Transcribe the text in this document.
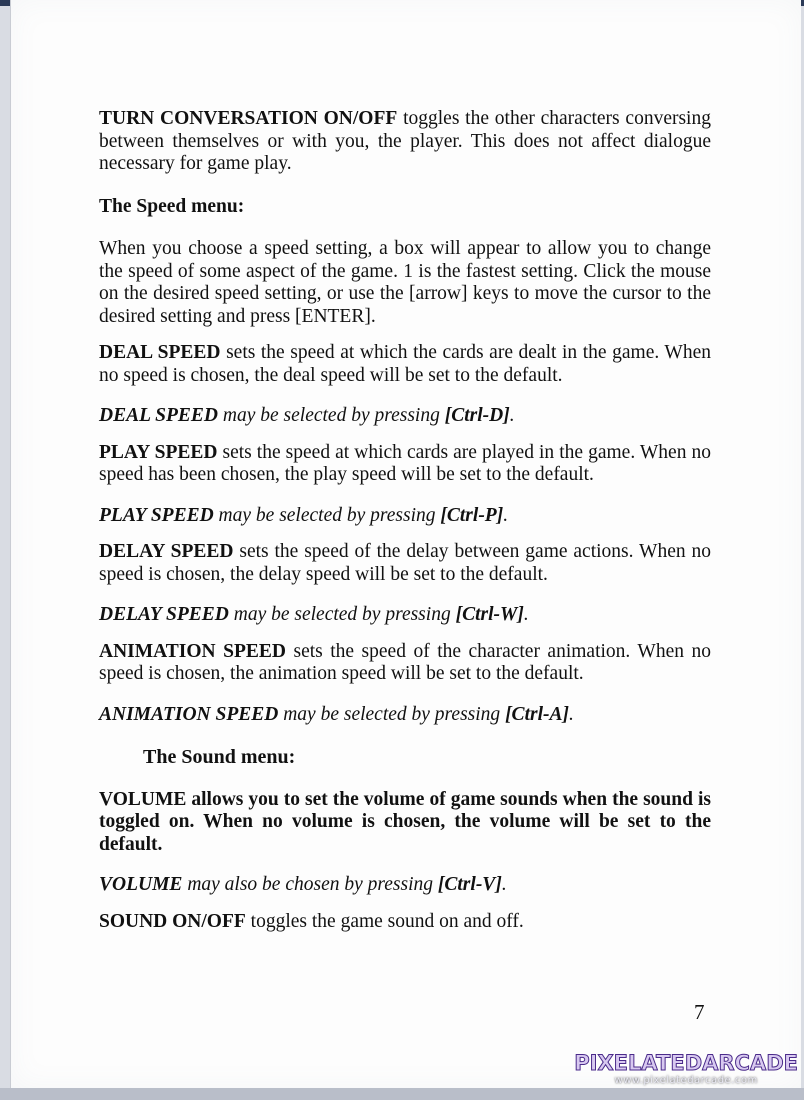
TURN CONVERSATION ON/OFF toggles the other characters conversing between themselves or with you, the player. This does not affect dialogue necessary for game play.

The Speed menu:

When you choose a speed setting, a box will appear to allow you to change the speed of some aspect of the game. 1 is the fastest setting. Click the mouse on the desired speed setting, or use the [arrow] keys to move the cursor to the desired setting and press [ENTER].

DEAL SPEED sets the speed at which the cards are dealt in the game. When no speed is chosen, the deal speed will be set to the default.

DEAL SPEED may be selected by pressing [Ctrl-D].

PLAY SPEED sets the speed at which cards are played in the game. When no speed has been chosen, the play speed will be set to the default.

PLAY SPEED may be selected by pressing [Ctrl-P].

DELAY SPEED sets the speed of the delay between game actions. When no speed is chosen, the delay speed will be set to the default.

DELAY SPEED may be selected by pressing [Ctrl-W].

ANIMATION SPEED sets the speed of the character animation. When no speed is chosen, the animation speed will be set to the default.

ANIMATION SPEED may be selected by pressing [Ctrl-A].

The Sound menu:

VOLUME allows you to set the volume of game sounds when the sound is toggled on. When no volume is chosen, the volume will be set to the default.

VOLUME may also be chosen by pressing [Ctrl-V].

SOUND ON/OFF toggles the game sound on and off.

7
PIXELATEDARCADE
www.pixelatedarcade.com
